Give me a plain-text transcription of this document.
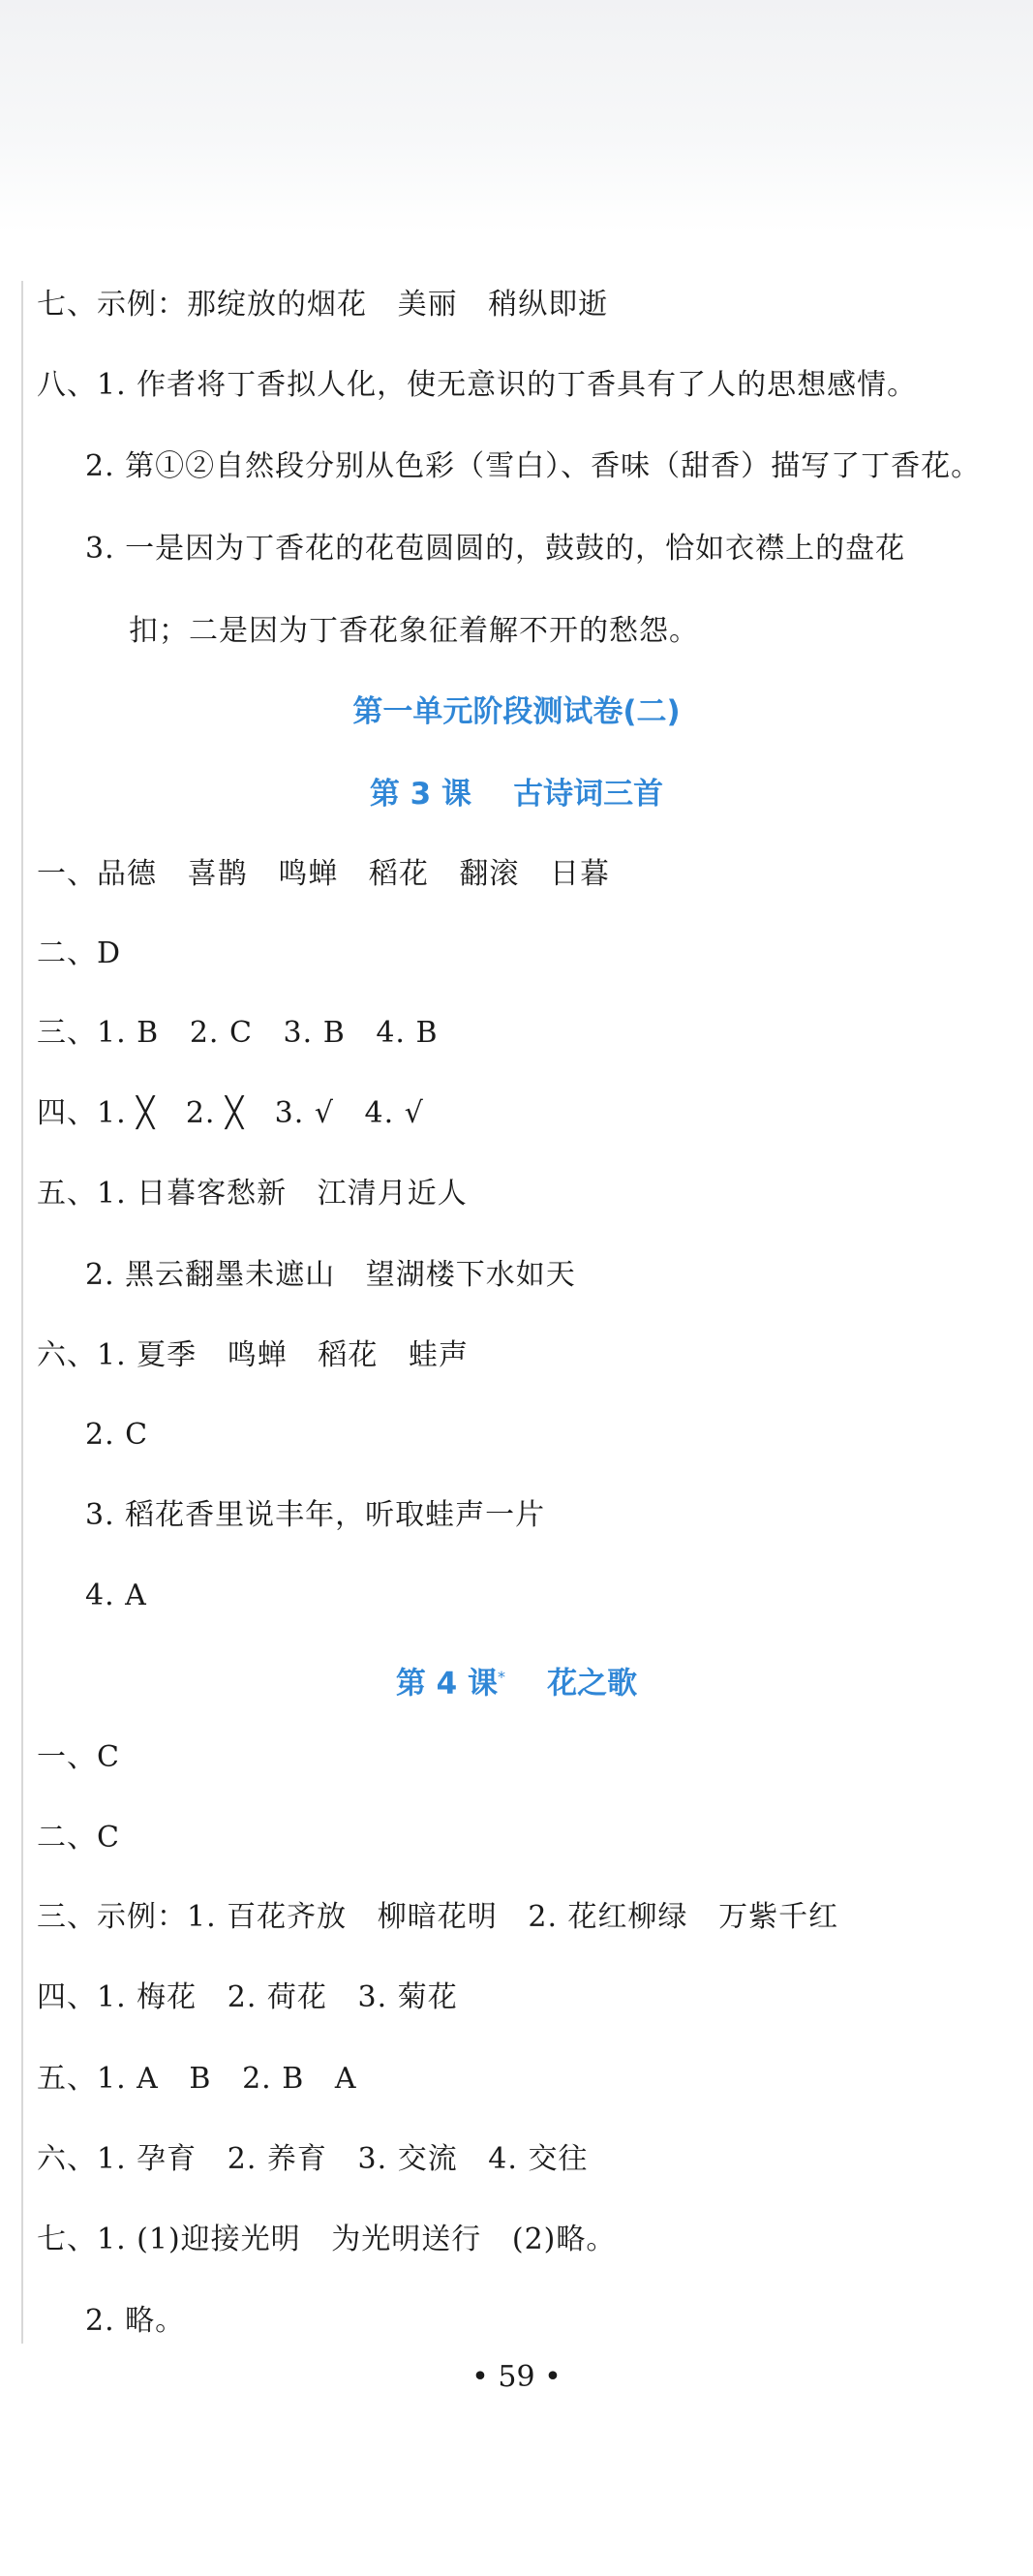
七、示例：那绽放的烟花   美丽   稍纵即逝
八、1. 作者将丁香拟人化，使无意识的丁香具有了人的思想感情。
2. 第①②自然段分别从色彩（雪白）、香味（甜香）描写了丁香花。
3. 一是因为丁香花的花苞圆圆的，鼓鼓的，恰如衣襟上的盘花
扣；二是因为丁香花象征着解不开的愁怨。
第一单元阶段测试卷(二)
第 3 课    古诗词三首
一、品德   喜鹊   鸣蝉   稻花   翻滚   日暮
二、D
三、1. B   2. C   3. B   4. B
四、1. ╳   2. ╳   3. √   4. √
五、1. 日暮客愁新   江清月近人
2. 黑云翻墨未遮山   望湖楼下水如天
六、1. 夏季   鸣蝉   稻花   蛙声
2. C
3. 稻花香里说丰年，听取蛙声一片
4. A
第 4 课*    花之歌
一、C
二、C
三、示例：1. 百花齐放   柳暗花明   2. 花红柳绿   万紫千红
四、1. 梅花   2. 荷花   3. 菊花
五、1. A   B   2. B   A
六、1. 孕育   2. 养育   3. 交流   4. 交往
七、1. (1)迎接光明   为光明送行   (2)略。
2. 略。
• 59 •
